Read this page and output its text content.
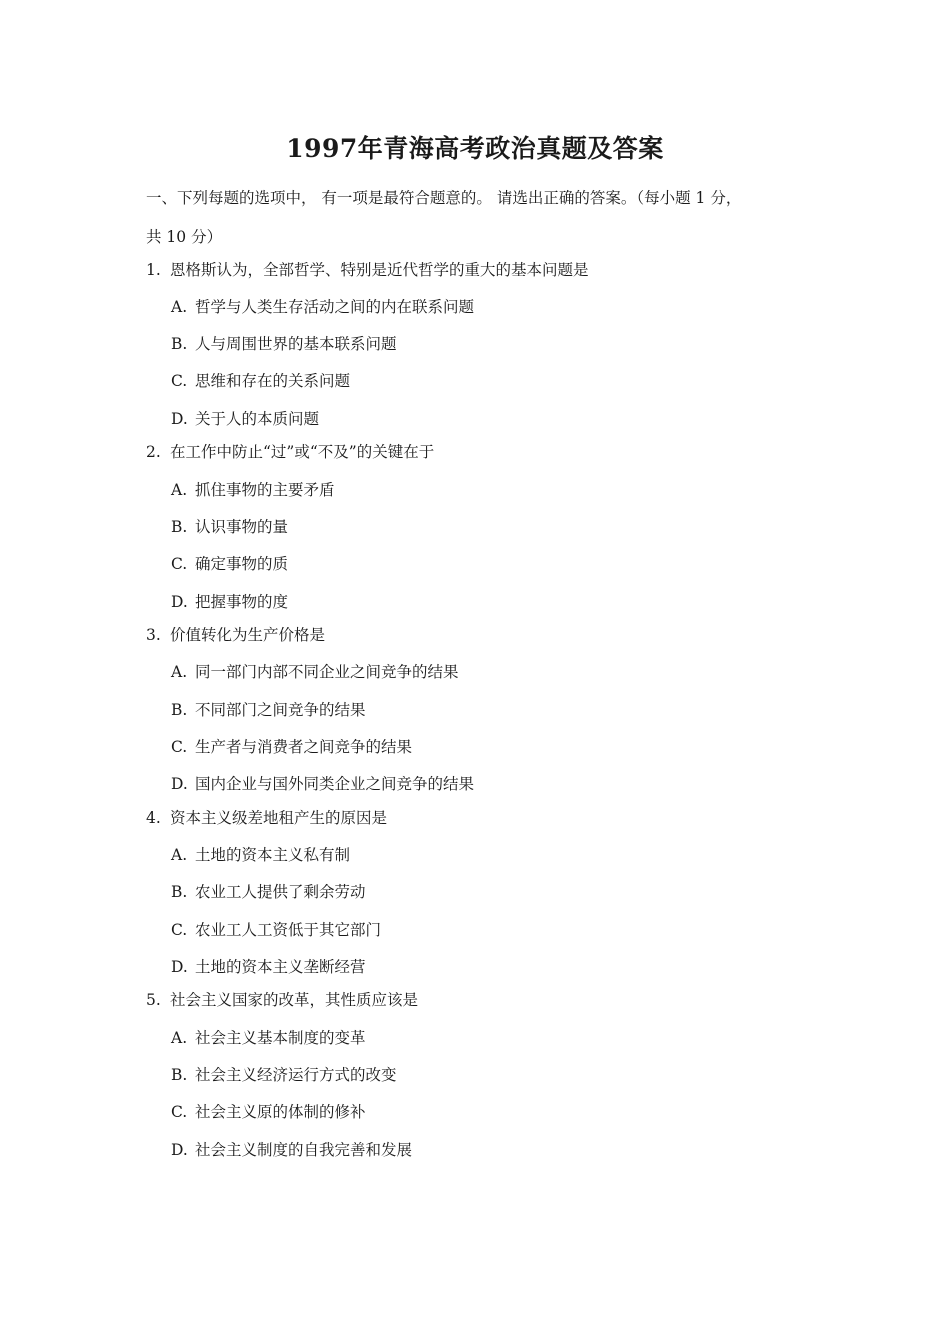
1997年青海高考政治真题及答案
一、下列每题的选项中， 有一项是最符合题意的。 请选出正确的答案。（每小题 1 分，
共 10 分）
1. 恩格斯认为，全部哲学、特别是近代哲学的重大的基本问题是
A. 哲学与人类生存活动之间的内在联系问题
B. 人与周围世界的基本联系问题
C. 思维和存在的关系问题
D. 关于人的本质问题
2. 在工作中防止“过”或“不及”的关键在于
A. 抓住事物的主要矛盾
B. 认识事物的量
C. 确定事物的质
D. 把握事物的度
3. 价值转化为生产价格是
A. 同一部门内部不同企业之间竞争的结果
B. 不同部门之间竞争的结果
C. 生产者与消费者之间竞争的结果
D. 国内企业与国外同类企业之间竞争的结果
4. 资本主义级差地租产生的原因是
A. 土地的资本主义私有制
B. 农业工人提供了剩余劳动
C. 农业工人工资低于其它部门
D. 土地的资本主义垄断经营
5. 社会主义国家的改革，其性质应该是
A. 社会主义基本制度的变革
B. 社会主义经济运行方式的改变
C. 社会主义原的体制的修补
D. 社会主义制度的自我完善和发展
